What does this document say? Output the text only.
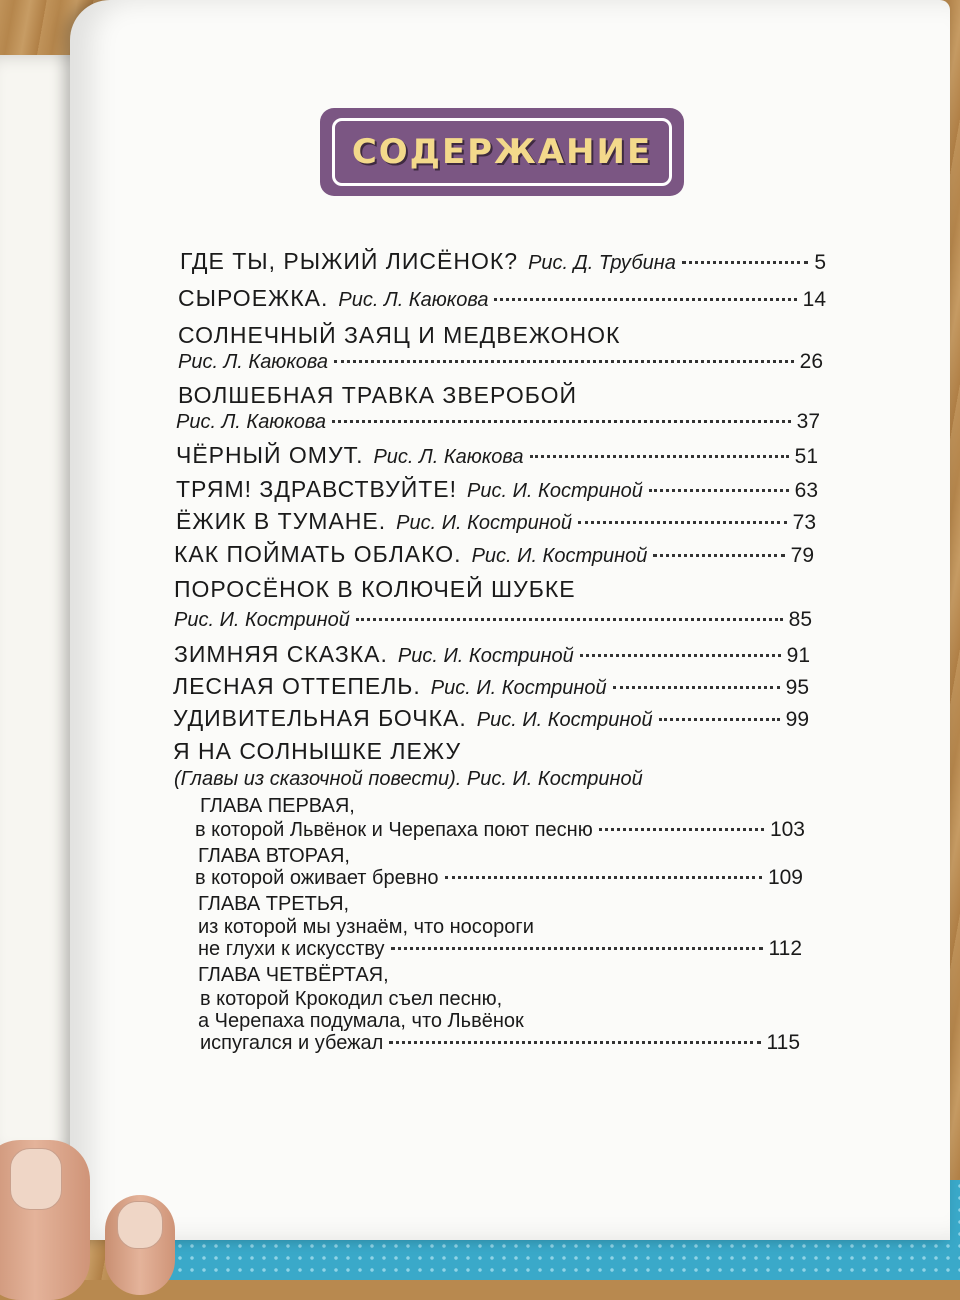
СОДЕРЖАНИЕ
ГДЕ ТЫ, РЫЖИЙ ЛИСЁНОК? Рис. Д. Трубина	5
СЫРОЕЖКА. Рис. Л. Каюкова	14
СОЛНЕЧНЫЙ ЗАЯЦ И МЕДВЕЖОНОК
Рис. Л. Каюкова	26
ВОЛШЕБНАЯ ТРАВКА ЗВЕРОБОЙ
Рис. Л. Каюкова	37
ЧЁРНЫЙ ОМУТ. Рис. Л. Каюкова	51
ТРЯМ! ЗДРАВСТВУЙТЕ! Рис. И. Костриной	63
ЁЖИК В ТУМАНЕ. Рис. И. Костриной	73
КАК ПОЙМАТЬ ОБЛАКО. Рис. И. Костриной	79
ПОРОСЁНОК В КОЛЮЧЕЙ ШУБКЕ
Рис. И. Костриной	85
ЗИМНЯЯ СКАЗКА. Рис. И. Костриной	91
ЛЕСНАЯ ОТТЕПЕЛЬ. Рис. И. Костриной	95
УДИВИТЕЛЬНАЯ БОЧКА. Рис. И. Костриной	99
Я НА СОЛНЫШКЕ ЛЕЖУ
(Главы из сказочной повести). Рис. И. Костриной
ГЛАВА ПЕРВАЯ,
в которой Львёнок и Черепаха поют песню	103
ГЛАВА ВТОРАЯ,
в которой оживает бревно	109
ГЛАВА ТРЕТЬЯ,
из которой мы узнаём, что носороги
не глухи к искусству	112
ГЛАВА ЧЕТВЁРТАЯ,
в которой Крокодил съел песню,
а Черепаха подумала, что Львёнок
испугался и убежал	115
